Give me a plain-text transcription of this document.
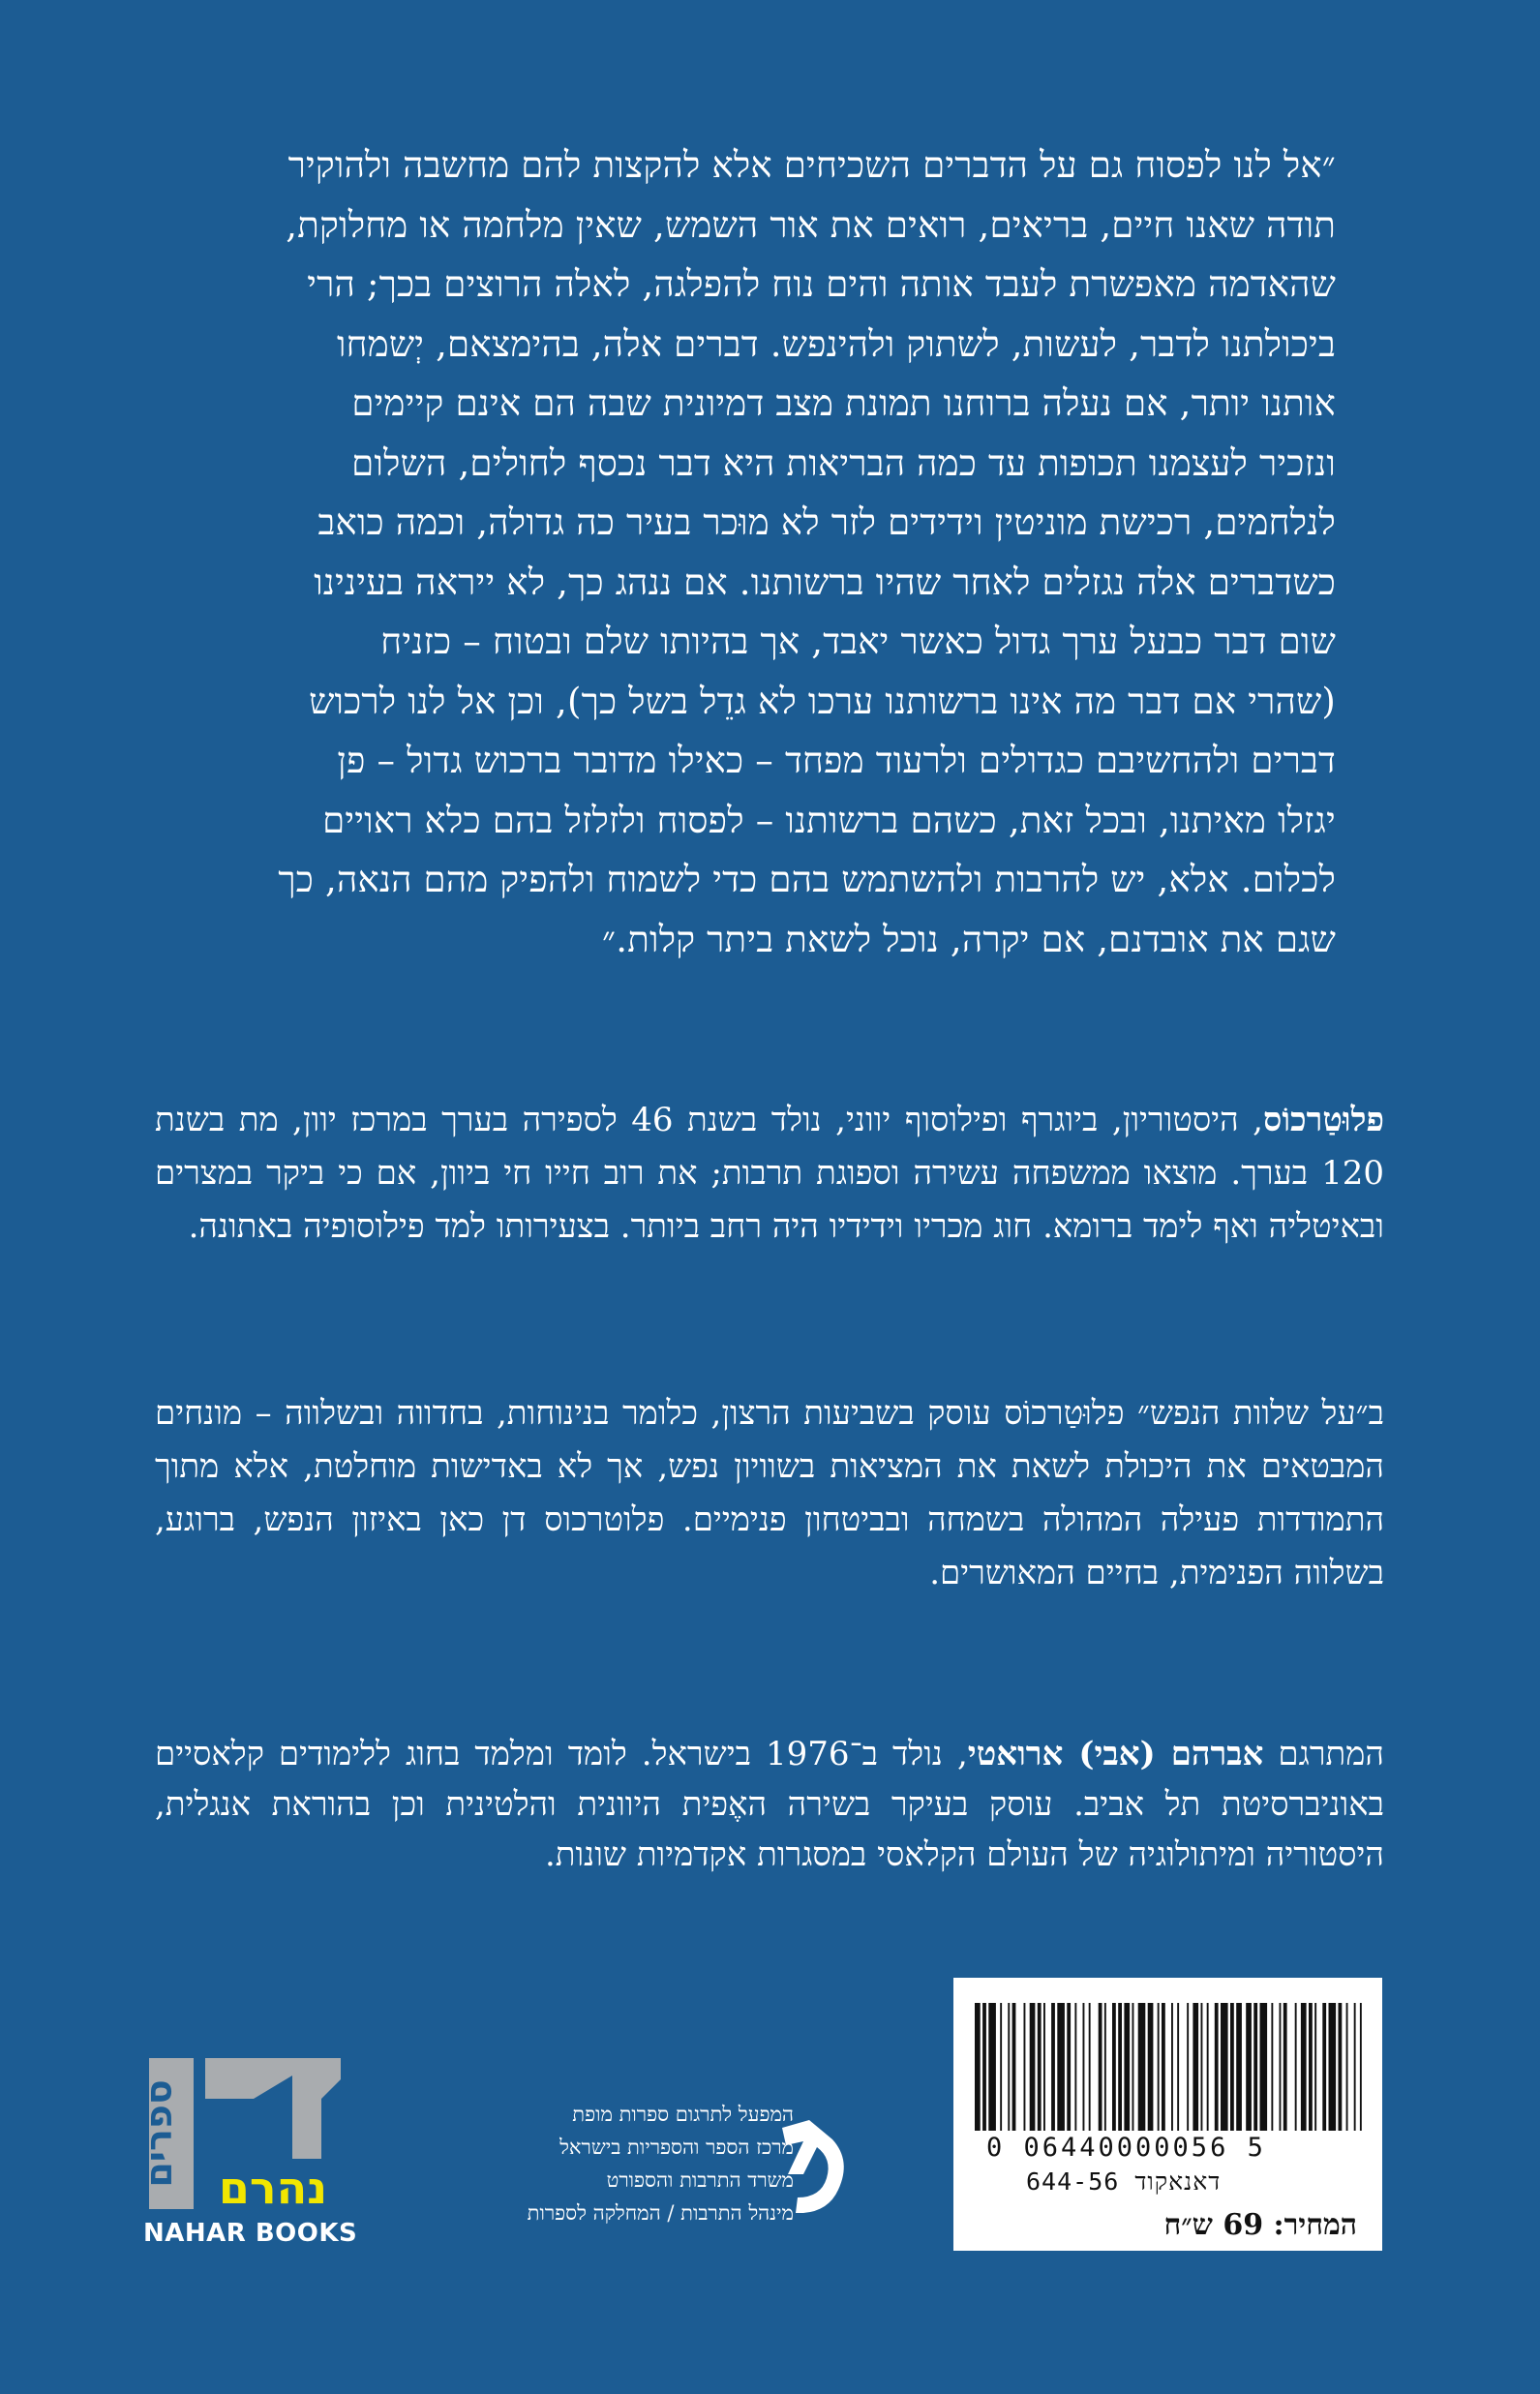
״אל לנו לפסוח גם על הדברים השכיחים אלא להקצות להם מחשבה ולהוקיר
תודה שאנו חיים, בריאים, רואים את אור השמש, שאין מלחמה או מחלוקת,
שהאדמה מאפשרת לעבד אותה והים נוח להפלגה, לאלה הרוצים בכך; הרי
ביכולתנו לדבר, לעשות, לשתוק ולהינפש. דברים אלה, בהימצאם, יְשמחו
אותנו יותר, אם נעלה ברוחנו תמונת מצב דמיונית שבה הם אינם קיימים
ונזכיר לעצמנו תכופות עד כמה הבריאות היא דבר נכסף לחולים, השלום
לנלחמים, רכישת מוניטין וידידים לזר לא מוּכר בעיר כה גדולה, וכמה כואב
כשדברים אלה נגזלים לאחר שהיו ברשותנו. אם ננהג כך, לא ייראה בעינינו
שום דבר כבעל ערך גדול כאשר יאבד, אך בהיותו שלם ובטוח – כזניח
(שהרי אם דבר מה אינו ברשותנו ערכו לא גדֵל בשל כך), וכן אל לנו לרכוש
דברים ולהחשיבם כגדולים ולרעוד מפחד – כאילו מדובר ברכוש גדול – פן
יגזלו מאיתנו, ובכל זאת, כשהם ברשותנו – לפסוח ולזלזל בהם כלא ראויים
לכלום. אלא, יש להרבות ולהשתמש בהם כדי לשמוח ולהפיק מהם הנאה, כך
שגם את אובדנם, אם יקרה, נוכל לשאת ביתר קלות.״
פלוּטַרכוֹס, היסטוריון, ביוגרף ופילוסוף יווני, נולד בשנת 46 לספירה בערך במרכז יוון, מת בשנת 120 בערך. מוצאו ממשפחה עשירה וספוגת תרבות; את רוב חייו חי ביוון, אם כי ביקר במצרים ובאיטליה ואף לימד ברומא. חוג מכריו וידידיו היה רחב ביותר. בצעירותו למד פילוסופיה באתונה.
ב״על שלוות הנפש״ פלוּטַרכוֹס עוסק בשביעות הרצון, כלומר בנינוחות, בחדווה ובשלווה – מונחים המבטאים את היכולת לשאת את המציאות בשוויון נפש, אך לא באדישות מוחלטת, אלא מתוך התמודדות פעילה המהולה בשמחה ובביטחון פנימיים. פלוטרכוס דן כאן באיזון הנפש, ברוגע, בשלווה הפנימית, בחיים המאושרים.
המתרגם אברהם (אבי) ארואטי, נולד ב־1976 בישראל. לומד ומלמד בחוג ללימודים קלאסיים באוניברסיטת תל אביב. עוסק בעיקר בשירה האֶפית היוונית והלטינית וכן בהוראת אנגלית, היסטוריה ומיתולוגיה של העולם הקלאסי במסגרות אקדמיות שונות.
0 06440000056 5
דאנאקוד 644-56
המחיר: 69 ש״ח
המפעל לתרגום ספרות מופת
מרכז הספר והספריות בישראל
משרד התרבות והספורט
מינהל התרבות / המחלקה לספרות
ספרים
נהרם
NAHAR BOOKS
